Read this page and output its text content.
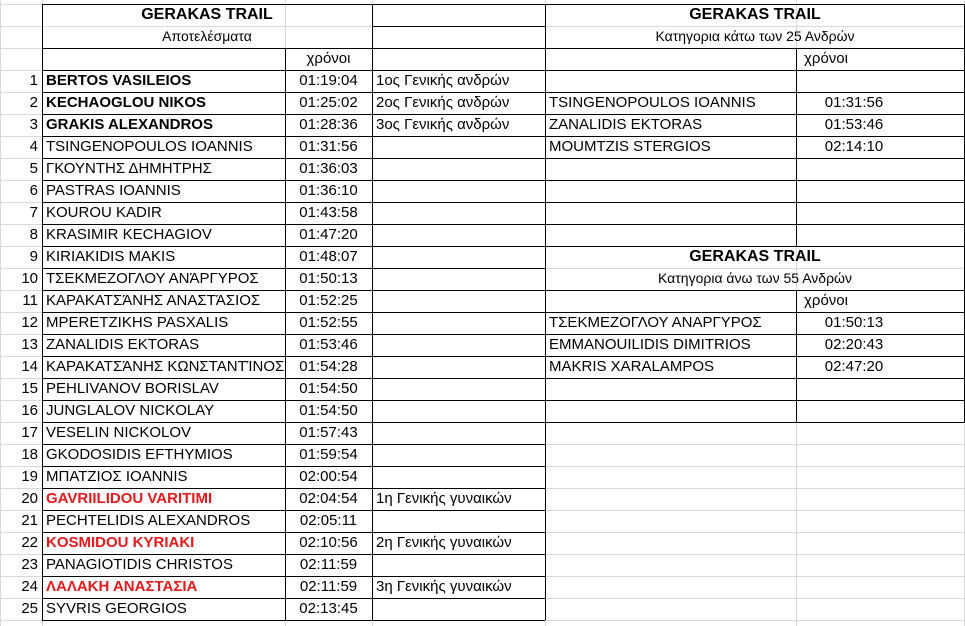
GERAKAS TRAIL
Αποτελέσματα
χρόνοι
1 BERTOS VASILEIOS	01:19:04	1ος Γενικής ανδρών
2 KECHAOGLOU NIKOS	01:25:02	2ος Γενικής ανδρών
3 GRAKIS ALEXANDROS	01:28:36	3ος Γενικής ανδρών
4 TSINGENOPOULOS IOANNIS	01:31:56
5 ΓΚΟΥΝΤΗΣ ΔΗΜΗΤΡΗΣ	01:36:03
6 PASTRAS IOANNIS	01:36:10
7 KOUROU KADIR	01:43:58
8 KRASIMIR KECHAGIOV	01:47:20
9 KIRIAKIDIS MAKIS	01:48:07
10 ΤΣΕΚΜΕΖΟΓΛΟΥ ΑΝΆΡΓΥΡΟΣ	01:50:13
11 ΚΑΡΑΚΑΤΣΆΝΗΣ ΑΝΑΣΤΆΣΙΟΣ	01:52:25
12 MPERETZIKHS PASXALIS	01:52:55
13 ZANALIDIS EKTORAS	01:53:46
14 ΚΑΡΑΚΑΤΣΆΝΗΣ ΚΩΝΣΤΑΝΤΊΝΟΣ	01:54:28
15 PEHLIVANOV BORISLAV	01:54:50
16 JUNGLALOV NICKOLAY	01:54:50
17 VESELIN NICKOLOV	01:57:43
18 GKODOSIDIS EFTHYMIOS	01:59:54
19 ΜΠΑΤΖΙΟΣ IOANNIS	02:00:54
20 GAVRIILIDOU VARITIMI	02:04:54	1η Γενικής γυναικών
21 PECHTELIDIS ALEXANDROS	02:05:11
22 KOSMIDOU KYRIAKI	02:10:56	2η Γενικής γυναικών
23 PANAGIOTIDIS CHRISTOS	02:11:59
24 ΛΑΛΑΚΗ ΑΝΑΣΤΑΣΙΑ	02:11:59	3η Γενικής γυναικών
25 SYVRIS GEORGIOS	02:13:45
GERAKAS TRAIL
Κατηγορια κάτω των 25 Ανδρών
χρόνοι
TSINGENOPOULOS IOANNIS	01:31:56
ZANALIDIS EKTORAS	01:53:46
MOUMTZIS STERGIOS	02:14:10
GERAKAS TRAIL
Κατηγορια άνω των 55 Ανδρών
χρόνοι
ΤΣΕΚΜΕΖΟΓΛΟΥ ΑΝΑΡΓΥΡΟΣ	01:50:13
EMMANOUILIDIS DIMITRIOS	02:20:43
MAKRIS XARALAMPOS	02:47:20
